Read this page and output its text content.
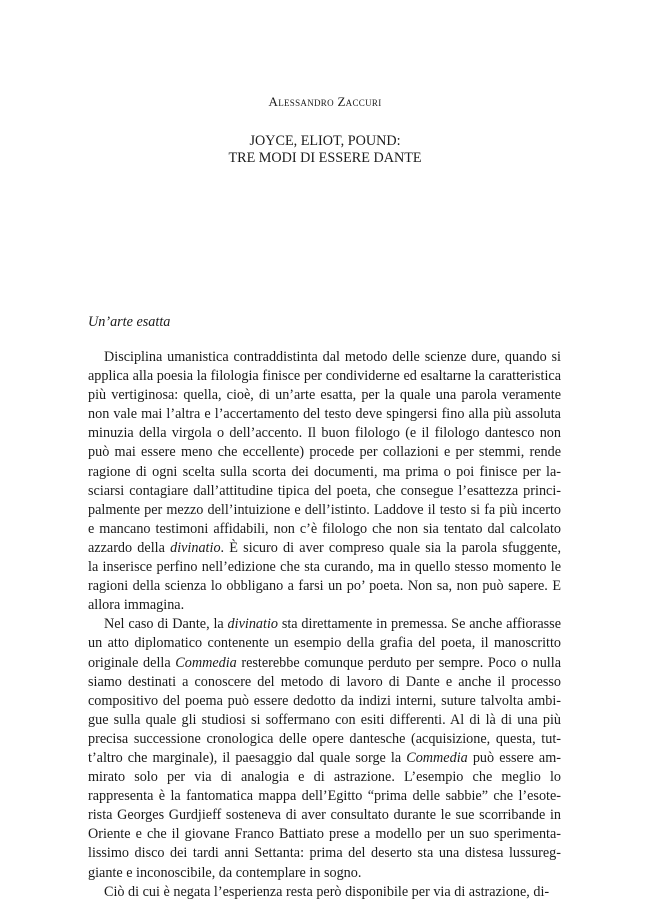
Alessandro Zaccuri
JOYCE, ELIOT, POUND:
TRE MODI DI ESSERE DANTE
Un’arte esatta
Disciplina umanistica contraddistinta dal metodo delle scienze dure, quando si
applica alla poesia la filologia finisce per condividerne ed esaltarne la caratteristica
più vertiginosa: quella, cioè, di un’arte esatta, per la quale una parola veramente
non vale mai l’altra e l’accertamento del testo deve spingersi fino alla più assoluta
minuzia della virgola o dell’accento. Il buon filologo (e il filologo dantesco non
può mai essere meno che eccellente) procede per collazioni e per stemmi, rende
ragione di ogni scelta sulla scorta dei documenti, ma prima o poi finisce per la-
sciarsi contagiare dall’attitudine tipica del poeta, che consegue l’esattezza princi-
palmente per mezzo dell’intuizione e dell’istinto. Laddove il testo si fa più incerto
e mancano testimoni affidabili, non c’è filologo che non sia tentato dal calcolato
azzardo della divinatio. È sicuro di aver compreso quale sia la parola sfuggente,
la inserisce perfino nell’edizione che sta curando, ma in quello stesso momento le
ragioni della scienza lo obbligano a farsi un po’ poeta. Non sa, non può sapere. E
allora immagina.
Nel caso di Dante, la divinatio sta direttamente in premessa. Se anche affiorasse
un atto diplomatico contenente un esempio della grafia del poeta, il manoscritto
originale della Commedia resterebbe comunque perduto per sempre. Poco o nulla
siamo destinati a conoscere del metodo di lavoro di Dante e anche il processo
compositivo del poema può essere dedotto da indizi interni, suture talvolta ambi-
gue sulla quale gli studiosi si soffermano con esiti differenti. Al di là di una più
precisa successione cronologica delle opere dantesche (acquisizione, questa, tut-
t’altro che marginale), il paesaggio dal quale sorge la Commedia può essere am-
mirato solo per via di analogia e di astrazione. L’esempio che meglio lo
rappresenta è la fantomatica mappa dell’Egitto “prima delle sabbie” che l’esote-
rista Georges Gurdjieff sosteneva di aver consultato durante le sue scorribande in
Oriente e che il giovane Franco Battiato prese a modello per un suo sperimenta-
lissimo disco dei tardi anni Settanta: prima del deserto sta una distesa lussureg-
giante e inconoscibile, da contemplare in sogno.
Ciò di cui è negata l’esperienza resta però disponibile per via di astrazione, di-
